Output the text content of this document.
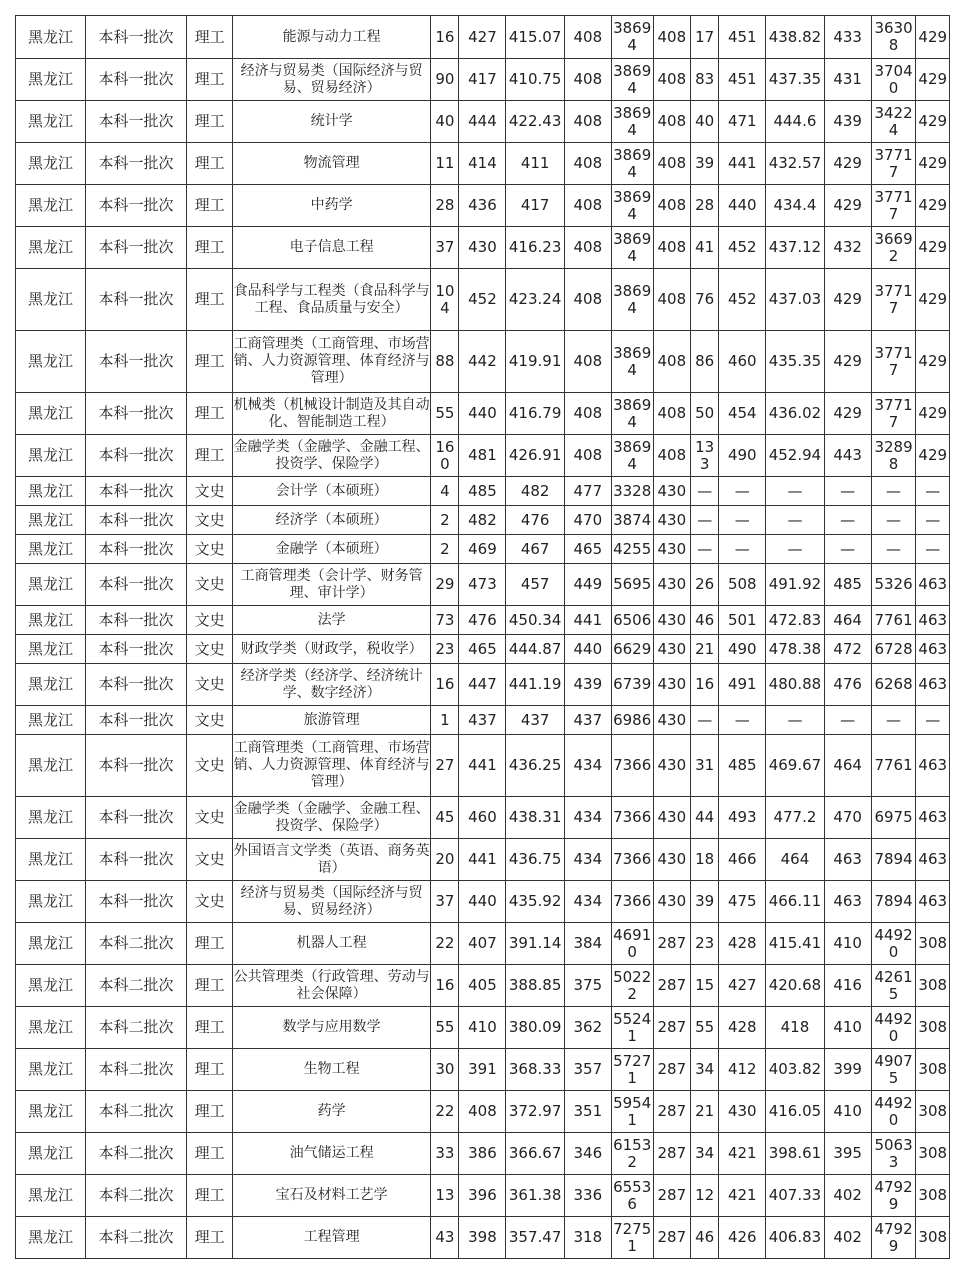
黑龙江	本科一批次	理工	能源与动力工程	16	427	415.07	408	38694	408	17	451	438.82	433	36308	429
黑龙江	本科一批次	理工	经济与贸易类（国际经济与贸易、贸易经济）	90	417	410.75	408	38694	408	83	451	437.35	431	37040	429
黑龙江	本科一批次	理工	统计学	40	444	422.43	408	38694	408	40	471	444.6	439	34224	429
黑龙江	本科一批次	理工	物流管理	11	414	411	408	38694	408	39	441	432.57	429	37717	429
黑龙江	本科一批次	理工	中药学	28	436	417	408	38694	408	28	440	434.4	429	37717	429
黑龙江	本科一批次	理工	电子信息工程	37	430	416.23	408	38694	408	41	452	437.12	432	36692	429
黑龙江	本科一批次	理工	食品科学与工程类（食品科学与工程、食品质量与安全）	104	452	423.24	408	38694	408	76	452	437.03	429	37717	429
黑龙江	本科一批次	理工	工商管理类（工商管理、市场营销、人力资源管理、体育经济与管理）	88	442	419.91	408	38694	408	86	460	435.35	429	37717	429
黑龙江	本科一批次	理工	机械类（机械设计制造及其自动化、智能制造工程）	55	440	416.79	408	38694	408	50	454	436.02	429	37717	429
黑龙江	本科一批次	理工	金融学类（金融学、金融工程、投资学、保险学）	160	481	426.91	408	38694	408	133	490	452.94	443	32898	429
黑龙江	本科一批次	文史	会计学（本硕班）	4	485	482	477	3328	430	—	—	—	—	—	—
黑龙江	本科一批次	文史	经济学（本硕班）	2	482	476	470	3874	430	—	—	—	—	—	—
黑龙江	本科一批次	文史	金融学（本硕班）	2	469	467	465	4255	430	—	—	—	—	—	—
黑龙江	本科一批次	文史	工商管理类（会计学、财务管理、审计学）	29	473	457	449	5695	430	26	508	491.92	485	5326	463
黑龙江	本科一批次	文史	法学	73	476	450.34	441	6506	430	46	501	472.83	464	7761	463
黑龙江	本科一批次	文史	财政学类（财政学，税收学）	23	465	444.87	440	6629	430	21	490	478.38	472	6728	463
黑龙江	本科一批次	文史	经济学类（经济学、经济统计学、数字经济）	16	447	441.19	439	6739	430	16	491	480.88	476	6268	463
黑龙江	本科一批次	文史	旅游管理	1	437	437	437	6986	430	—	—	—	—	—	—
黑龙江	本科一批次	文史	工商管理类（工商管理、市场营销、人力资源管理、体育经济与管理）	27	441	436.25	434	7366	430	31	485	469.67	464	7761	463
黑龙江	本科一批次	文史	金融学类（金融学、金融工程、投资学、保险学）	45	460	438.31	434	7366	430	44	493	477.2	470	6975	463
黑龙江	本科一批次	文史	外国语言文学类（英语、商务英语）	20	441	436.75	434	7366	430	18	466	464	463	7894	463
黑龙江	本科一批次	文史	经济与贸易类（国际经济与贸易、贸易经济）	37	440	435.92	434	7366	430	39	475	466.11	463	7894	463
黑龙江	本科二批次	理工	机器人工程	22	407	391.14	384	46910	287	23	428	415.41	410	44920	308
黑龙江	本科二批次	理工	公共管理类（行政管理、劳动与社会保障）	16	405	388.85	375	50222	287	15	427	420.68	416	42615	308
黑龙江	本科二批次	理工	数学与应用数学	55	410	380.09	362	55241	287	55	428	418	410	44920	308
黑龙江	本科二批次	理工	生物工程	30	391	368.33	357	57271	287	34	412	403.82	399	49075	308
黑龙江	本科二批次	理工	药学	22	408	372.97	351	59541	287	21	430	416.05	410	44920	308
黑龙江	本科二批次	理工	油气储运工程	33	386	366.67	346	61532	287	34	421	398.61	395	50633	308
黑龙江	本科二批次	理工	宝石及材料工艺学	13	396	361.38	336	65536	287	12	421	407.33	402	47929	308
黑龙江	本科二批次	理工	工程管理	43	398	357.47	318	72751	287	46	426	406.83	402	47929	308
